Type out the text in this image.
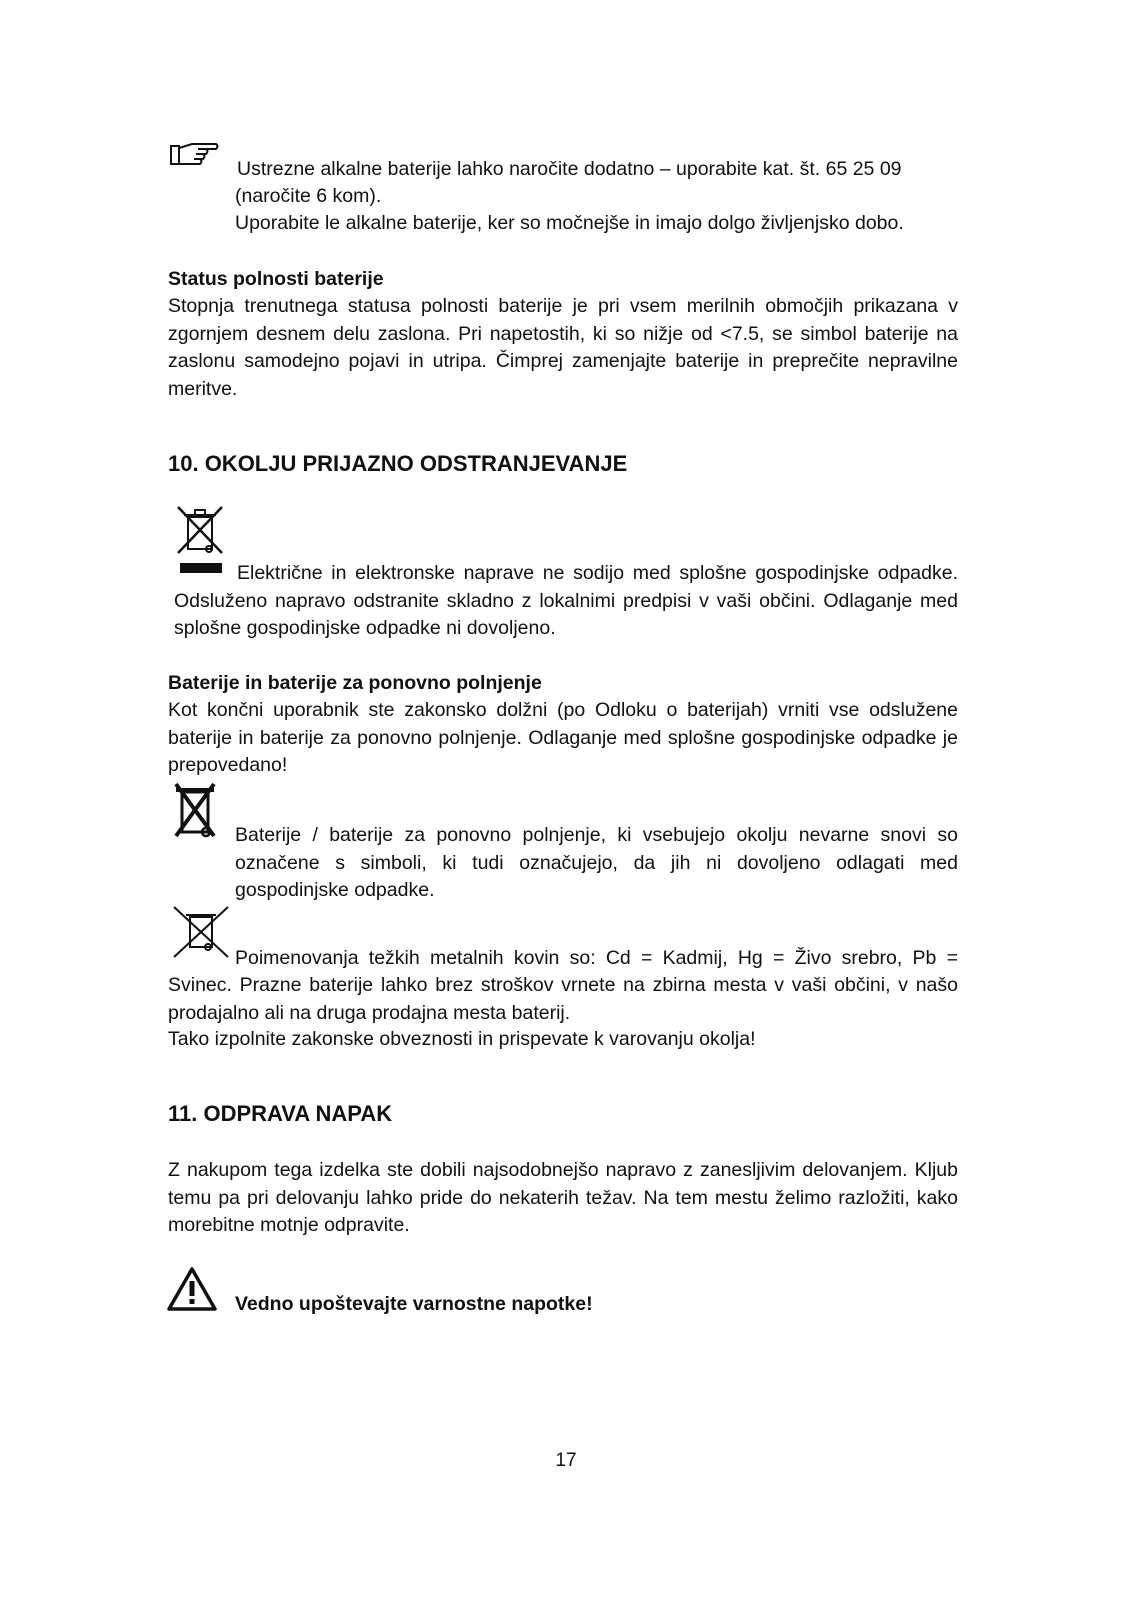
Ustrezne alkalne baterije lahko naročite dodatno – uporabite kat. št. 65 25 09
(naročite 6 kom).
Uporabite le alkalne baterije, ker so močnejše in imajo dolgo življenjsko dobo.
Status polnosti baterije
Stopnja trenutnega statusa polnosti baterije je pri vsem merilnih območjih prikazana v zgornjem desnem delu zaslona. Pri napetostih, ki so nižje od <7.5, se simbol baterije na zaslonu samodejno pojavi in utripa. Čimprej zamenjajte baterije in preprečite nepravilne meritve.
10. OKOLJU PRIJAZNO ODSTRANJEVANJE
Električne in elektronske naprave ne sodijo med splošne gospodinjske odpadke. Odsluženo napravo odstranite skladno z lokalnimi predpisi v vaši občini. Odlaganje med splošne gospodinjske odpadke ni dovoljeno.
Baterije in baterije za ponovno polnjenje
Kot končni uporabnik ste zakonsko dolžni (po Odloku o baterijah) vrniti vse odslužene baterije in baterije za ponovno polnjenje. Odlaganje med splošne gospodinjske odpadke je prepovedano!
Baterije / baterije za ponovno polnjenje, ki vsebujejo okolju nevarne snovi so označene s simboli, ki tudi označujejo, da jih ni dovoljeno odlagati med gospodinjske odpadke.
Poimenovanja težkih metalnih kovin so: Cd = Kadmij, Hg = Živo srebro, Pb =
Svinec. Prazne baterije lahko brez stroškov vrnete na zbirna mesta v vaši občini, v našo prodajalno ali na druga prodajna mesta baterij.
Tako izpolnite zakonske obveznosti in prispevate k varovanju okolja!
11. ODPRAVA NAPAK
Z nakupom tega izdelka ste dobili najsodobnejšo napravo z zanesljivim delovanjem. Kljub temu pa pri delovanju lahko pride do nekaterih težav. Na tem mestu želimo razložiti, kako morebitne motnje odpravite.
Vedno upoštevajte varnostne napotke!
17
